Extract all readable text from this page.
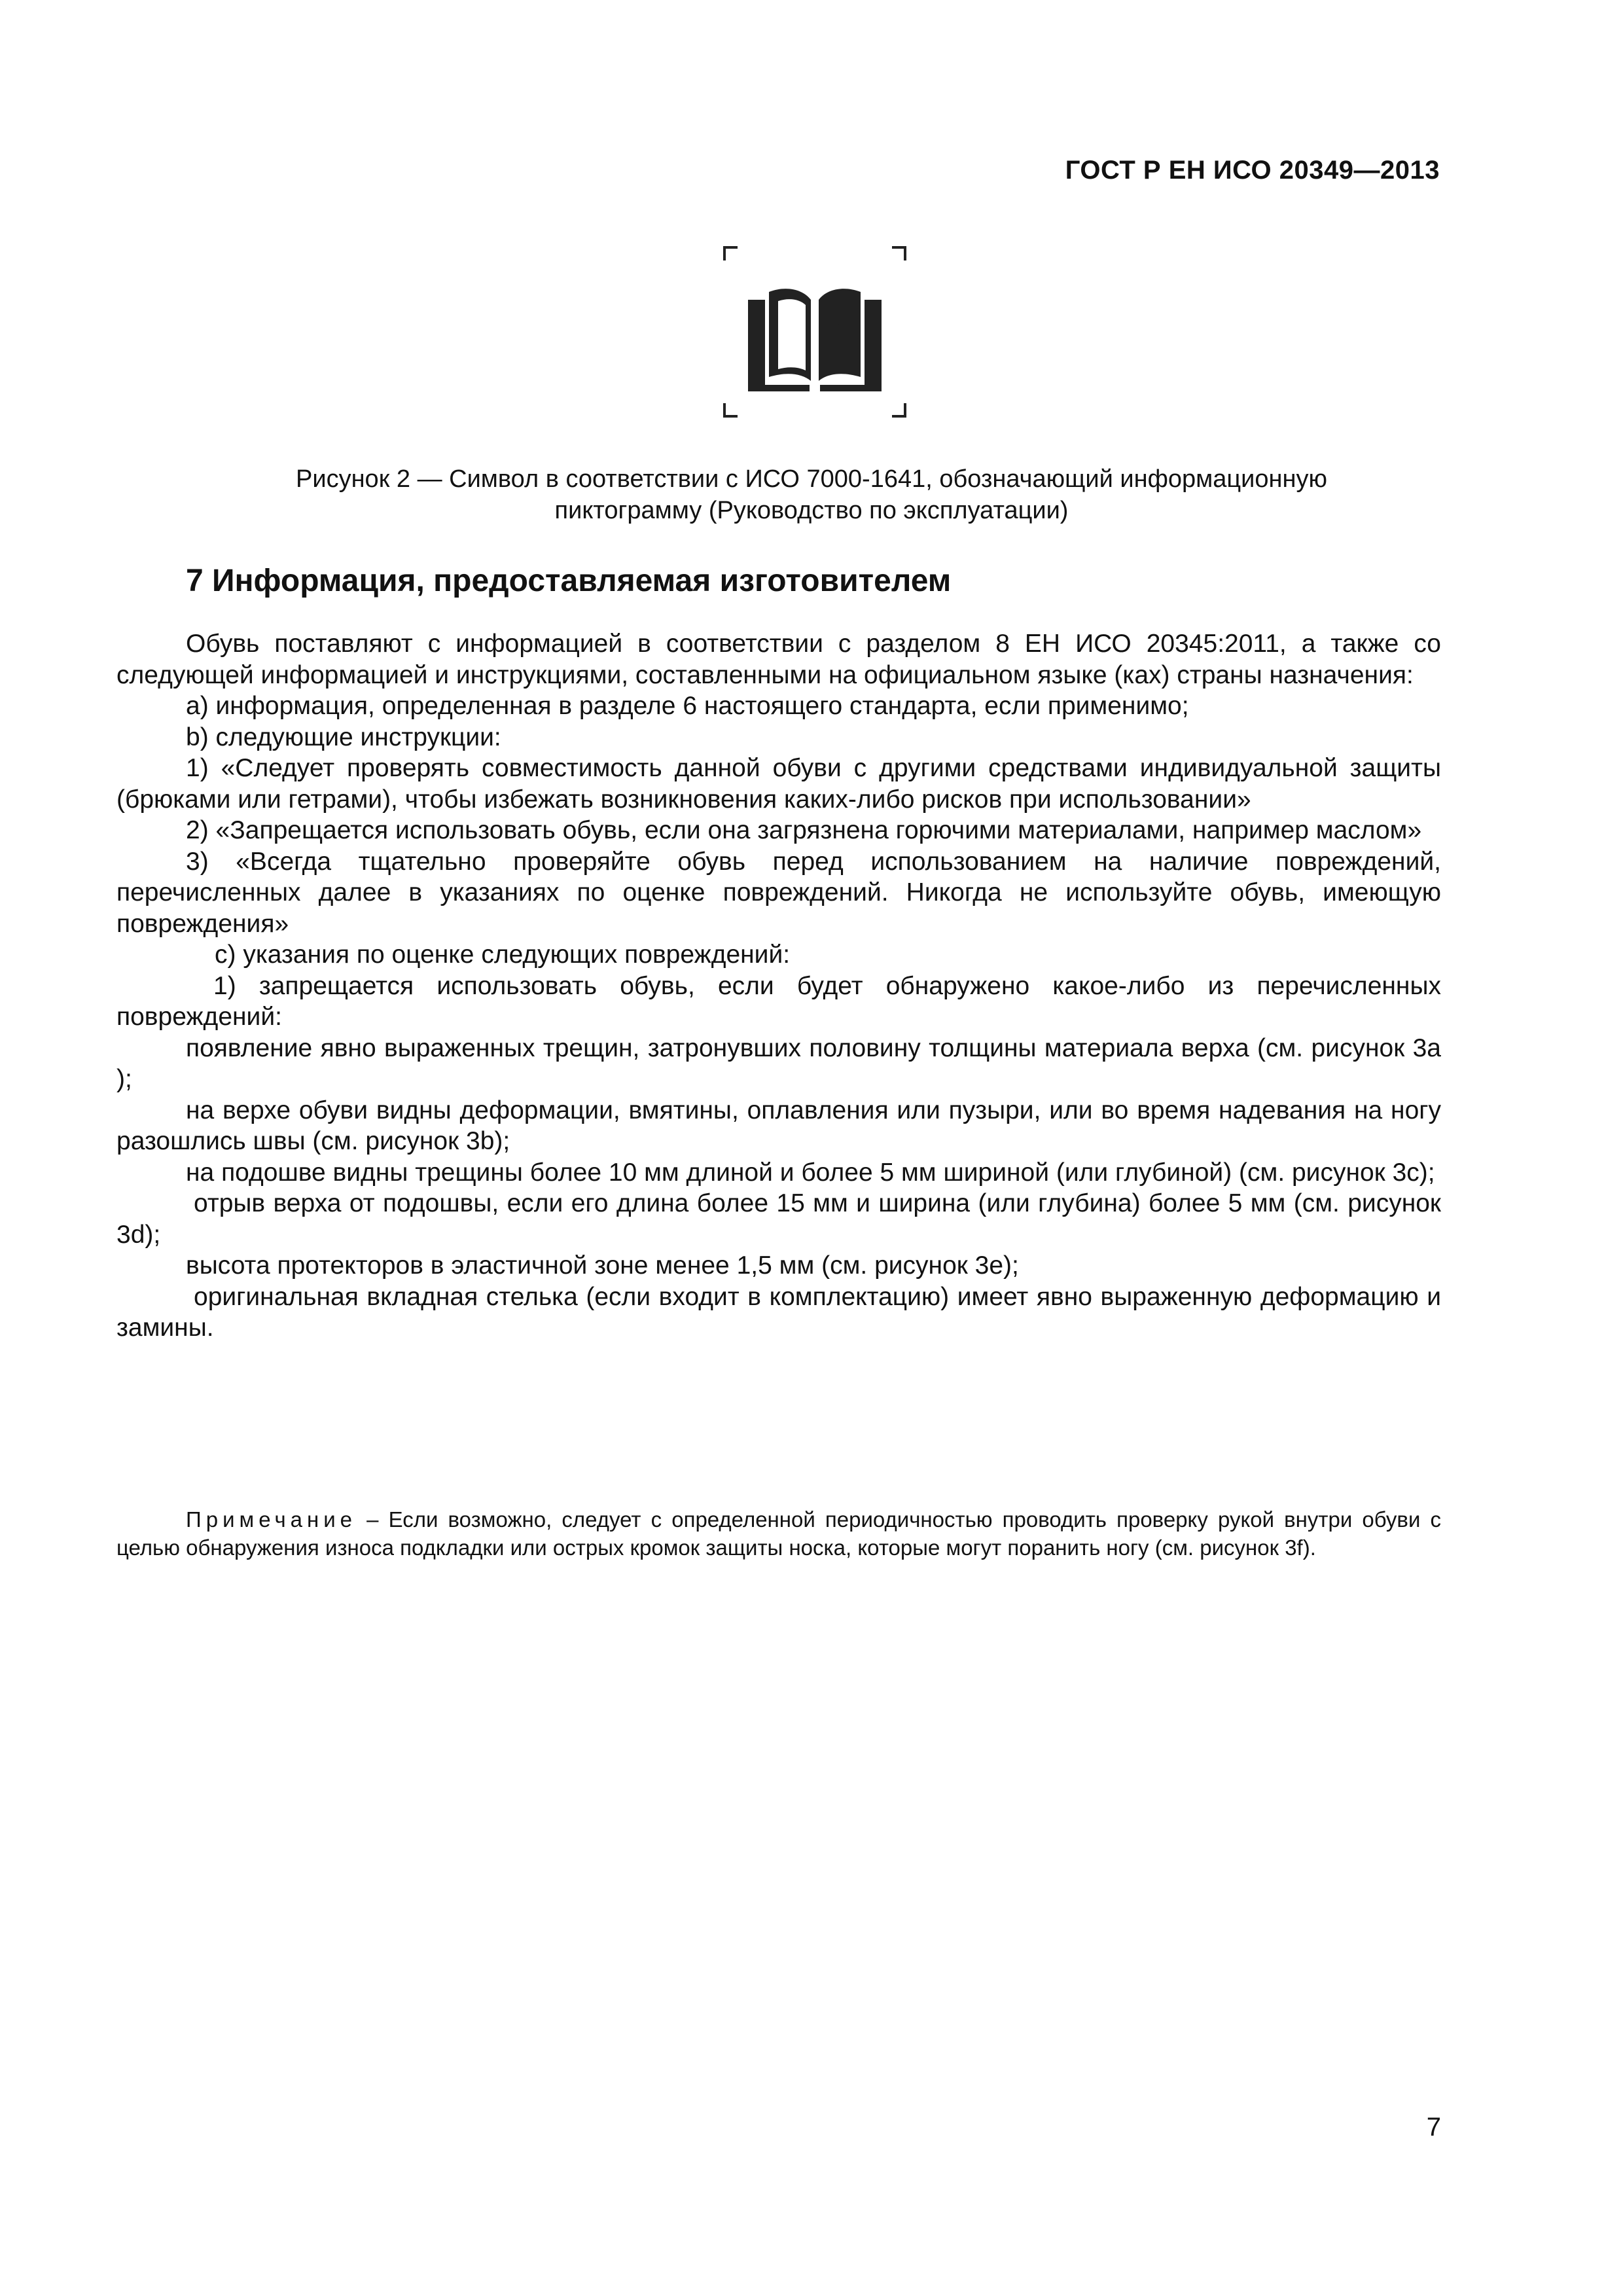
ГОСТ Р ЕН ИСО 20349—2013
Рисунок 2 — Символ в соответствии с ИСО 7000-1641, обозначающий информационную
пиктограмму (Руководство по эксплуатации)
7 Информация, предоставляемая изготовителем

Обувь поставляют с информацией в соответствии с разделом 8 ЕН ИСО 20345:2011, а также со следующей информацией и инструкциями, составленными на официальном языке (ках) страны назначения:

a) информация, определенная в разделе 6 настоящего стандарта, если применимо;

b) следующие инструкции:

1) «Следует проверять совместимость данной обуви с другими средствами индивидуальной защиты (брюками или гетрами), чтобы избежать возникновения каких-либо рисков при использовании»

2) «Запрещается использовать обувь, если она загрязнена горючими материалами, например маслом»

3) «Всегда тщательно проверяйте обувь перед использованием на наличие повреждений, перечисленных далее в указаниях по оценке повреждений. Никогда не используйте обувь, имеющую повреждения»

c) указания по оценке следующих повреждений:

1) запрещается использовать обувь, если будет обнаружено какое-либо из перечисленных повреждений:

появление явно выраженных трещин, затронувших половину толщины материала верха (см. рисунок 3a );

на верхе обуви видны деформации, вмятины, оплавления или пузыри, или во время надевания на ногу разошлись швы (см. рисунок 3b);

на подошве видны трещины более 10 мм длиной и более 5 мм шириной (или глубиной) (см. рисунок 3c);

отрыв верха от подошвы, если его длина более 15 мм и ширина (или глубина) более 5 мм (см. рисунок 3d);

высота протекторов в эластичной зоне менее 1,5 мм (см. рисунок 3e);

оригинальная вкладная стелька (если входит в комплектацию) имеет явно выраженную деформацию и замины.

Примечание – Если возможно, следует с определенной периодичностью проводить проверку рукой внутри обуви с целью обнаружения износа подкладки или острых кромок защиты носка, которые могут поранить ногу (см. рисунок 3f).
7
